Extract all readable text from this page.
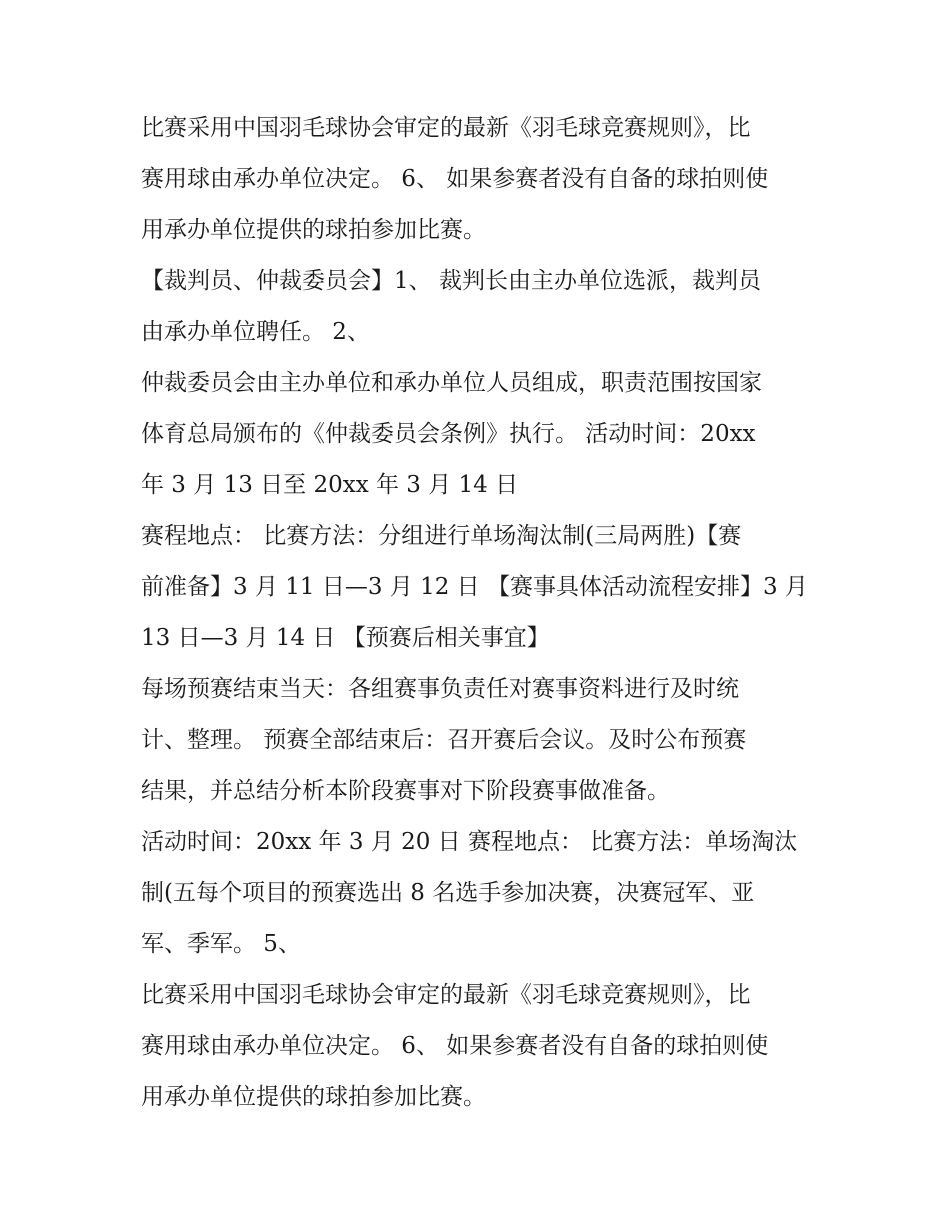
比赛采用中国羽毛球协会审定的最新《羽毛球竞赛规则》，比

赛用球由承办单位决定。 6、 如果参赛者没有自备的球拍则使

用承办单位提供的球拍参加比赛。

【裁判员、仲裁委员会】1、 裁判长由主办单位选派，裁判员

由承办单位聘任。 2、

仲裁委员会由主办单位和承办单位人员组成，职责范围按国家

体育总局颁布的《仲裁委员会条例》执行。 活动时间：20xx

年 3 月 13 日至 20xx 年 3 月 14 日

赛程地点： 比赛方法：分组进行单场淘汰制(三局两胜)【赛

前准备】3 月 11 日—3 月 12 日 【赛事具体活动流程安排】3 月

13 日—3 月 14 日 【预赛后相关事宜】

每场预赛结束当天：各组赛事负责任对赛事资料进行及时统

计、整理。 预赛全部结束后：召开赛后会议。及时公布预赛

结果，并总结分析本阶段赛事对下阶段赛事做准备。

活动时间：20xx 年 3 月 20 日 赛程地点： 比赛方法：单场淘汰

制(五每个项目的预赛选出 8 名选手参加决赛，决赛冠军、亚

军、季军。 5、

比赛采用中国羽毛球协会审定的最新《羽毛球竞赛规则》，比

赛用球由承办单位决定。 6、 如果参赛者没有自备的球拍则使

用承办单位提供的球拍参加比赛。
